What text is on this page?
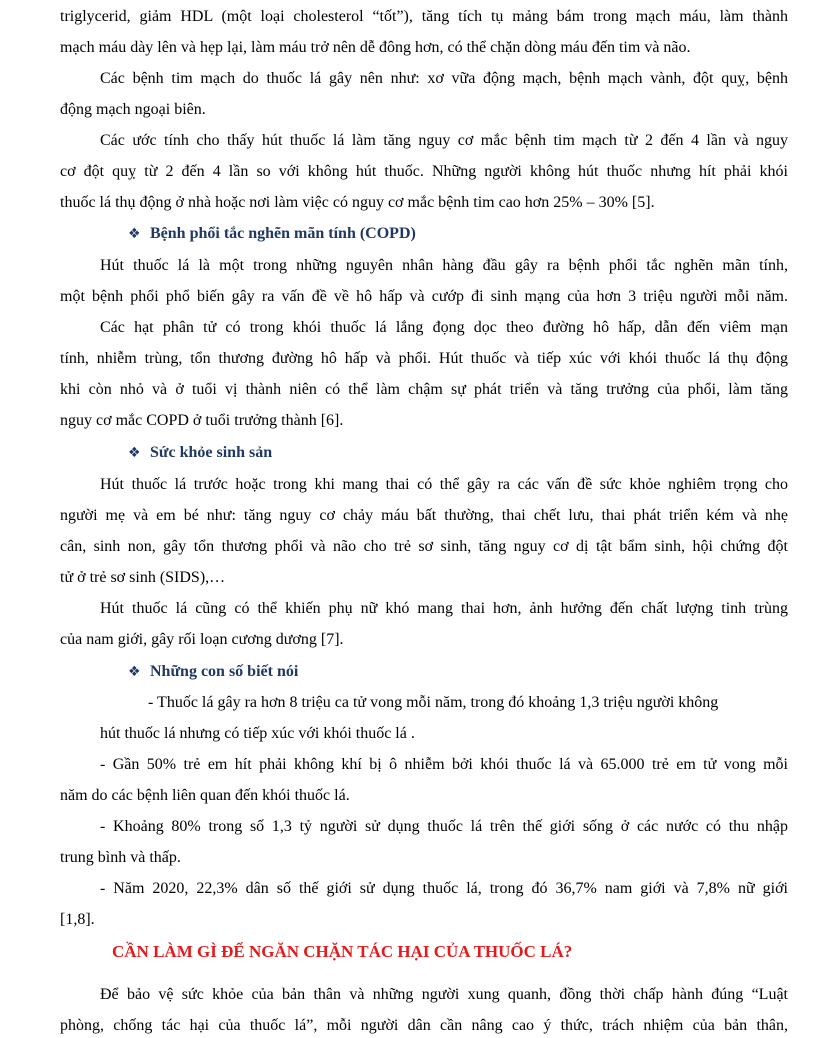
triglycerid, giảm HDL (một loại cholesterol “tốt”), tăng tích tụ mảng bám trong mạch máu, làm thành
mạch máu dày lên và hẹp lại, làm máu trở nên dễ đông hơn, có thể chặn dòng máu đến tim và não.
Các bệnh tim mạch do thuốc lá gây nên như: xơ vữa động mạch, bệnh mạch vành, đột quỵ, bệnh
động mạch ngoại biên.
Các ước tính cho thấy hút thuốc lá làm tăng nguy cơ mắc bệnh tim mạch từ 2 đến 4 lần và nguy
cơ đột quỵ từ 2 đến 4 lần so với không hút thuốc. Những người không hút thuốc nhưng hít phải khói
thuốc lá thụ động ở nhà hoặc nơi làm việc có nguy cơ mắc bệnh tim cao hơn 25% – 30% [5].
❖ Bệnh phổi tắc nghẽn mãn tính (COPD)
Hút thuốc lá là một trong những nguyên nhân hàng đầu gây ra bệnh phổi tắc nghẽn mãn tính,
một bệnh phổi phổ biến gây ra vấn đề về hô hấp và cướp đi sinh mạng của hơn 3 triệu người mỗi năm.
Các hạt phân tử có trong khói thuốc lá lắng đọng dọc theo đường hô hấp, dẫn đến viêm mạn
tính, nhiễm trùng, tổn thương đường hô hấp và phổi. Hút thuốc và tiếp xúc với khói thuốc lá thụ động
khi còn nhỏ và ở tuổi vị thành niên có thể làm chậm sự phát triển và tăng trưởng của phổi, làm tăng
nguy cơ mắc COPD ở tuổi trưởng thành [6].
❖ Sức khỏe sinh sản
Hút thuốc lá trước hoặc trong khi mang thai có thể gây ra các vấn đề sức khỏe nghiêm trọng cho
người mẹ và em bé như: tăng nguy cơ chảy máu bất thường, thai chết lưu, thai phát triển kém và nhẹ
cân, sinh non, gây tổn thương phổi và não cho trẻ sơ sinh, tăng nguy cơ dị tật bẩm sinh, hội chứng đột
tử ở trẻ sơ sinh (SIDS),…
Hút thuốc lá cũng có thể khiến phụ nữ khó mang thai hơn, ảnh hưởng đến chất lượng tinh trùng
của nam giới, gây rối loạn cương dương [7].
❖ Những con số biết nói
- Thuốc lá gây ra hơn 8 triệu ca tử vong mỗi năm, trong đó khoảng 1,3 triệu người không
hút thuốc lá nhưng có tiếp xúc với khói thuốc lá .
- Gần 50% trẻ em hít phải không khí bị ô nhiễm bởi khói thuốc lá và 65.000 trẻ em tử vong mỗi
năm do các bệnh liên quan đến khói thuốc lá.
- Khoảng 80% trong số 1,3 tỷ người sử dụng thuốc lá trên thế giới sống ở các nước có thu nhập
trung bình và thấp.
- Năm 2020, 22,3% dân số thế giới sử dụng thuốc lá, trong đó 36,7% nam giới và 7,8% nữ giới
[1,8].
CẦN LÀM GÌ ĐỂ NGĂN CHẶN TÁC HẠI CỦA THUỐC LÁ?
Để bảo vệ sức khỏe của bản thân và những người xung quanh, đồng thời chấp hành đúng “Luật
phòng, chống tác hại của thuốc lá”, mỗi người dân cần nâng cao ý thức, trách nhiệm của bản thân,
